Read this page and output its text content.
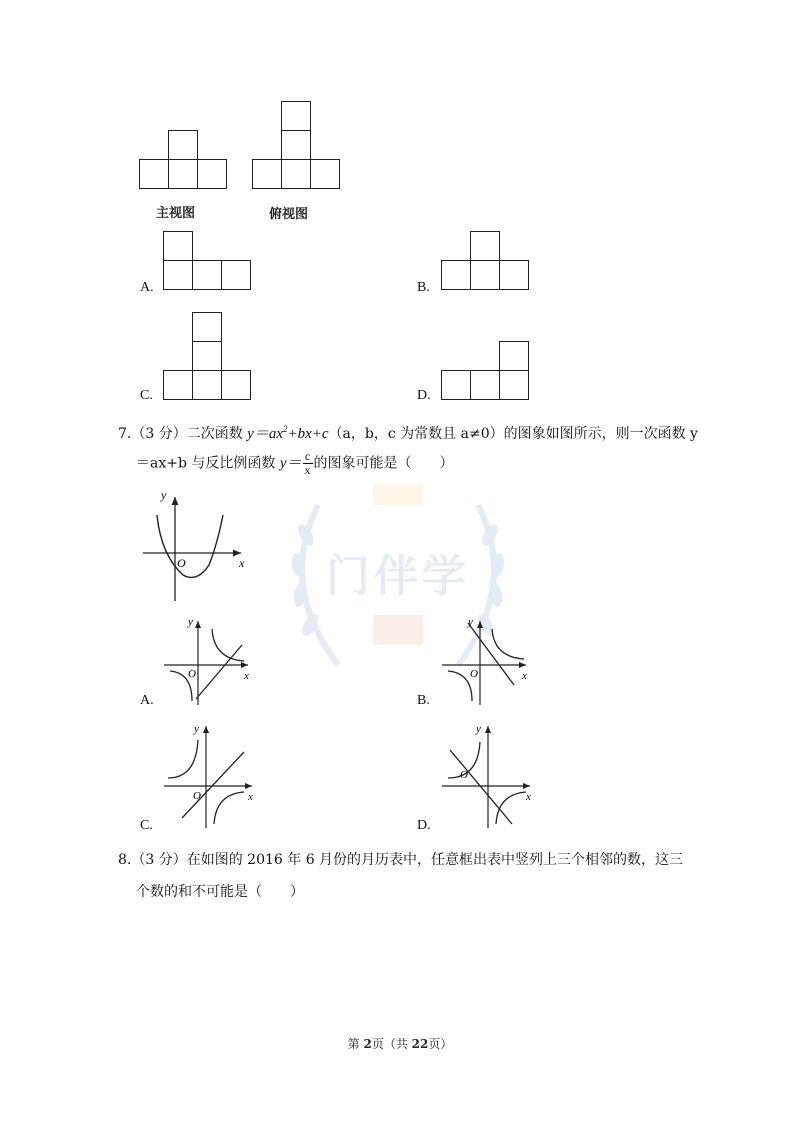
门伴学
主视图	俯视图
A.	B.
C.	D.
7.（3 分）二次函数 $y=ax^2+bx+c(a$，b，c 为常数且 a≠0）的图象如图所示，则一次函数 y
＝ax+b 与反比例函数 $y= \frac{c}{x}$ 的图象可能是（　　）
O	x
y
O	x
y
A.
O	x
y
B.
O	x
y
C.
O
x
y
D.
8.（3 分）在如图的 2016 年 6 月份的月历表中，任意框出表中竖列上三个相邻的数，这三
个数的和不可能是（　　）
第 2页（共 22页）
